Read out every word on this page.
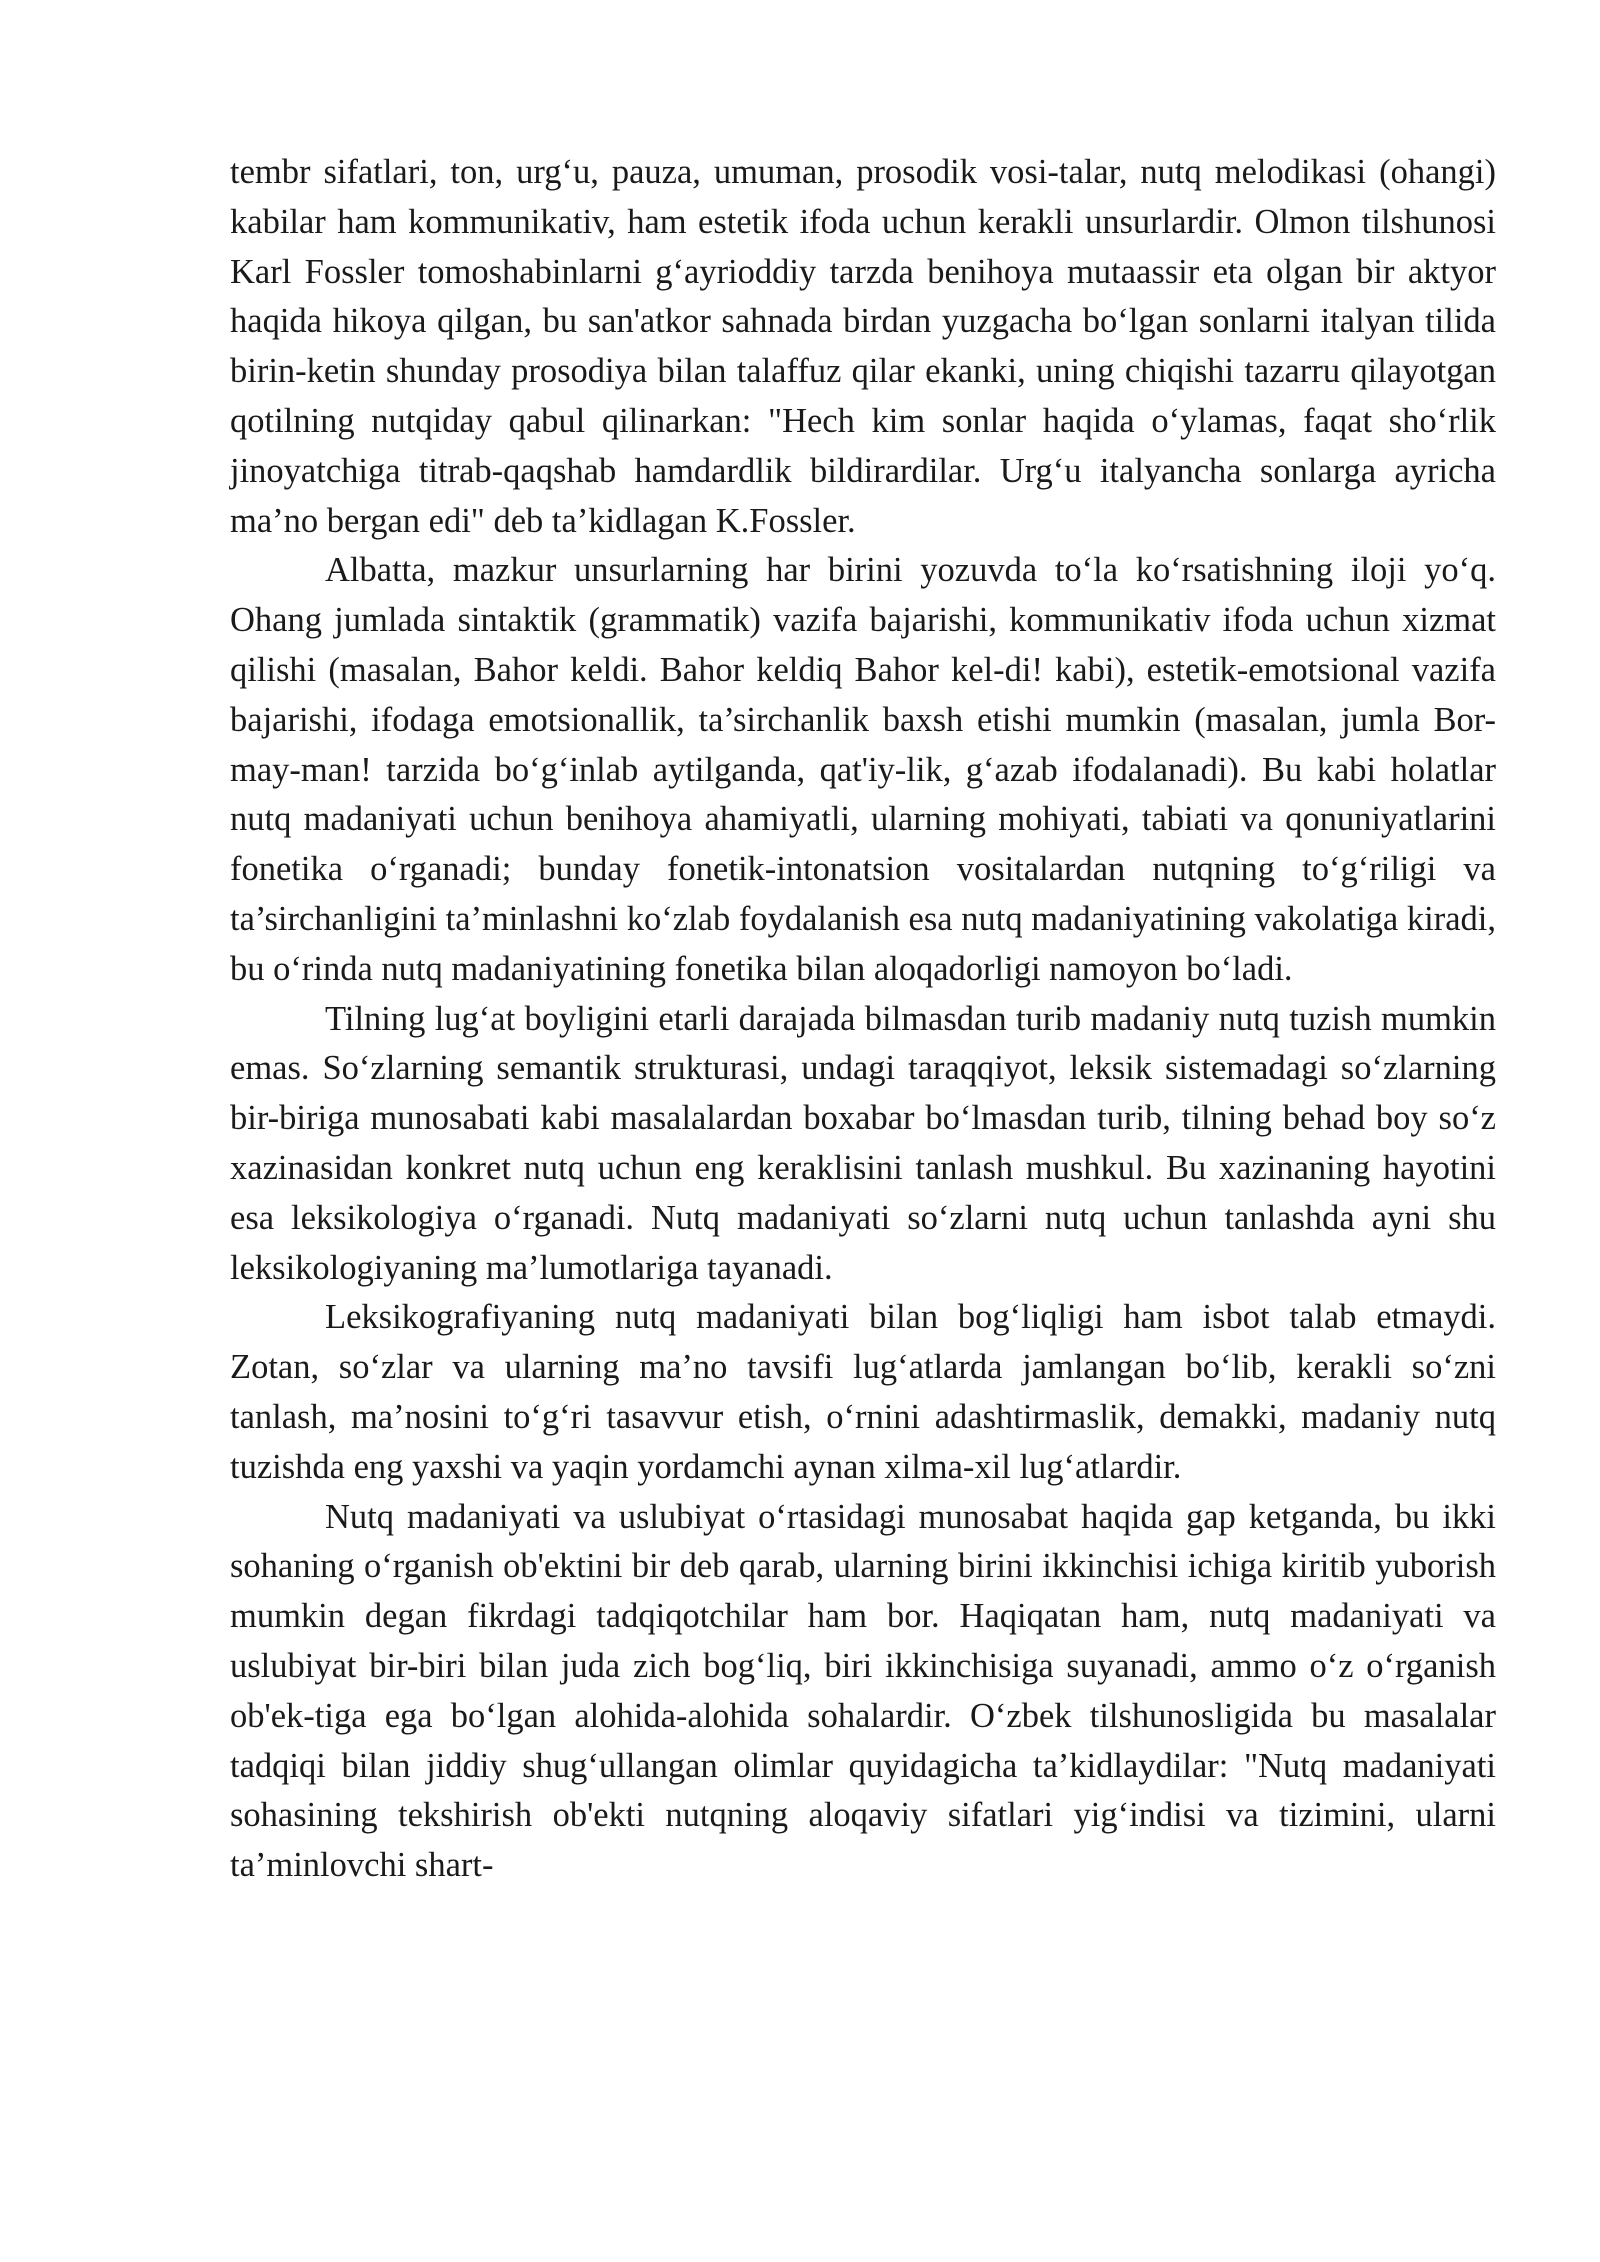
tembr sifatlari, ton, urg‘u, pauza, umuman, prosodik vosi-talar, nutq melodikasi (ohangi) kabilar ham kommunikativ, ham estetik ifoda uchun kerakli unsurlardir. Olmon tilshunosi Karl Fossler tomoshabinlarni g‘ayrioddiy tarzda benihoya mutaassir eta olgan bir aktyor haqida hikoya qilgan, bu san'atkor sahnada birdan yuzgacha bo‘lgan sonlarni italyan tilida birin-ketin shunday prosodiya bilan talaffuz qilar ekanki, uning chiqishi tazarru qilayotgan qotilning nutqiday qabul qilinarkan: "Hech kim sonlar haqida o‘ylamas, faqat sho‘rlik jinoyatchiga titrab-qaqshab hamdardlik bildirardilar. Urg‘u italyancha sonlarga ayricha ma’no bergan edi" deb ta’kidlagan K.Fossler.

Albatta, mazkur unsurlarning har birini yozuvda to‘la ko‘rsatishning iloji yo‘q. Ohang jumlada sintaktik (grammatik) vazifa bajarishi, kommunikativ ifoda uchun xizmat qilishi (masalan, Bahor keldi. Bahor keldiq Bahor kel-di! kabi), estetik-emotsional vazifa bajarishi, ifodaga emotsionallik, ta’sirchanlik baxsh etishi mumkin (masalan, jumla Bor-may-man! tarzida bo‘g‘inlab aytilganda, qat'iy-lik, g‘azab ifodalanadi). Bu kabi holatlar nutq madaniyati uchun benihoya ahamiyatli, ularning mohiyati, tabiati va qonuniyatlarini fonetika o‘rganadi; bunday fonetik-intonatsion vositalardan nutqning to‘g‘riligi va ta’sirchanligini ta’minlashni ko‘zlab foydalanish esa nutq madaniyatining vakolatiga kiradi, bu o‘rinda nutq madaniyatining fonetika bilan aloqadorligi namoyon bo‘ladi.

Tilning lug‘at boyligini etarli darajada bilmasdan turib madaniy nutq tuzish mumkin emas. So‘zlarning semantik strukturasi, undagi taraqqiyot, leksik sistemadagi so‘zlarning bir-biriga munosabati kabi masalalardan boxabar bo‘lmasdan turib, tilning behad boy so‘z xazinasidan konkret nutq uchun eng keraklisini tanlash mushkul. Bu xazinaning hayotini esa leksikologiya o‘rganadi. Nutq madaniyati so‘zlarni nutq uchun tanlashda ayni shu leksikologiyaning ma’lumotlariga tayanadi.

Leksikografiyaning nutq madaniyati bilan bog‘liqligi ham isbot talab etmaydi. Zotan, so‘zlar va ularning ma’no tavsifi lug‘atlarda jamlangan bo‘lib, kerakli so‘zni tanlash, ma’nosini to‘g‘ri tasavvur etish, o‘rnini adashtirmaslik, demakki, madaniy nutq tuzishda eng yaxshi va yaqin yordamchi aynan xilma-xil lug‘atlardir.

Nutq madaniyati va uslubiyat o‘rtasidagi munosabat haqida gap ketganda, bu ikki sohaning o‘rganish ob'ektini bir deb qarab, ularning birini ikkinchisi ichiga kiritib yuborish mumkin degan fikrdagi tadqiqotchilar ham bor. Haqiqatan ham, nutq madaniyati va uslubiyat bir-biri bilan juda zich bog‘liq, biri ikkinchisiga suyanadi, ammo o‘z o‘rganish ob'ek-tiga ega bo‘lgan alohida-alohida sohalardir. O‘zbek tilshunosligida bu masalalar tadqiqi bilan jiddiy shug‘ullangan olimlar quyidagicha ta’kidlaydilar: "Nutq madaniyati sohasining tekshirish ob'ekti nutqning aloqaviy sifatlari yig‘indisi va tizimini, ularni ta’minlovchi shart-
